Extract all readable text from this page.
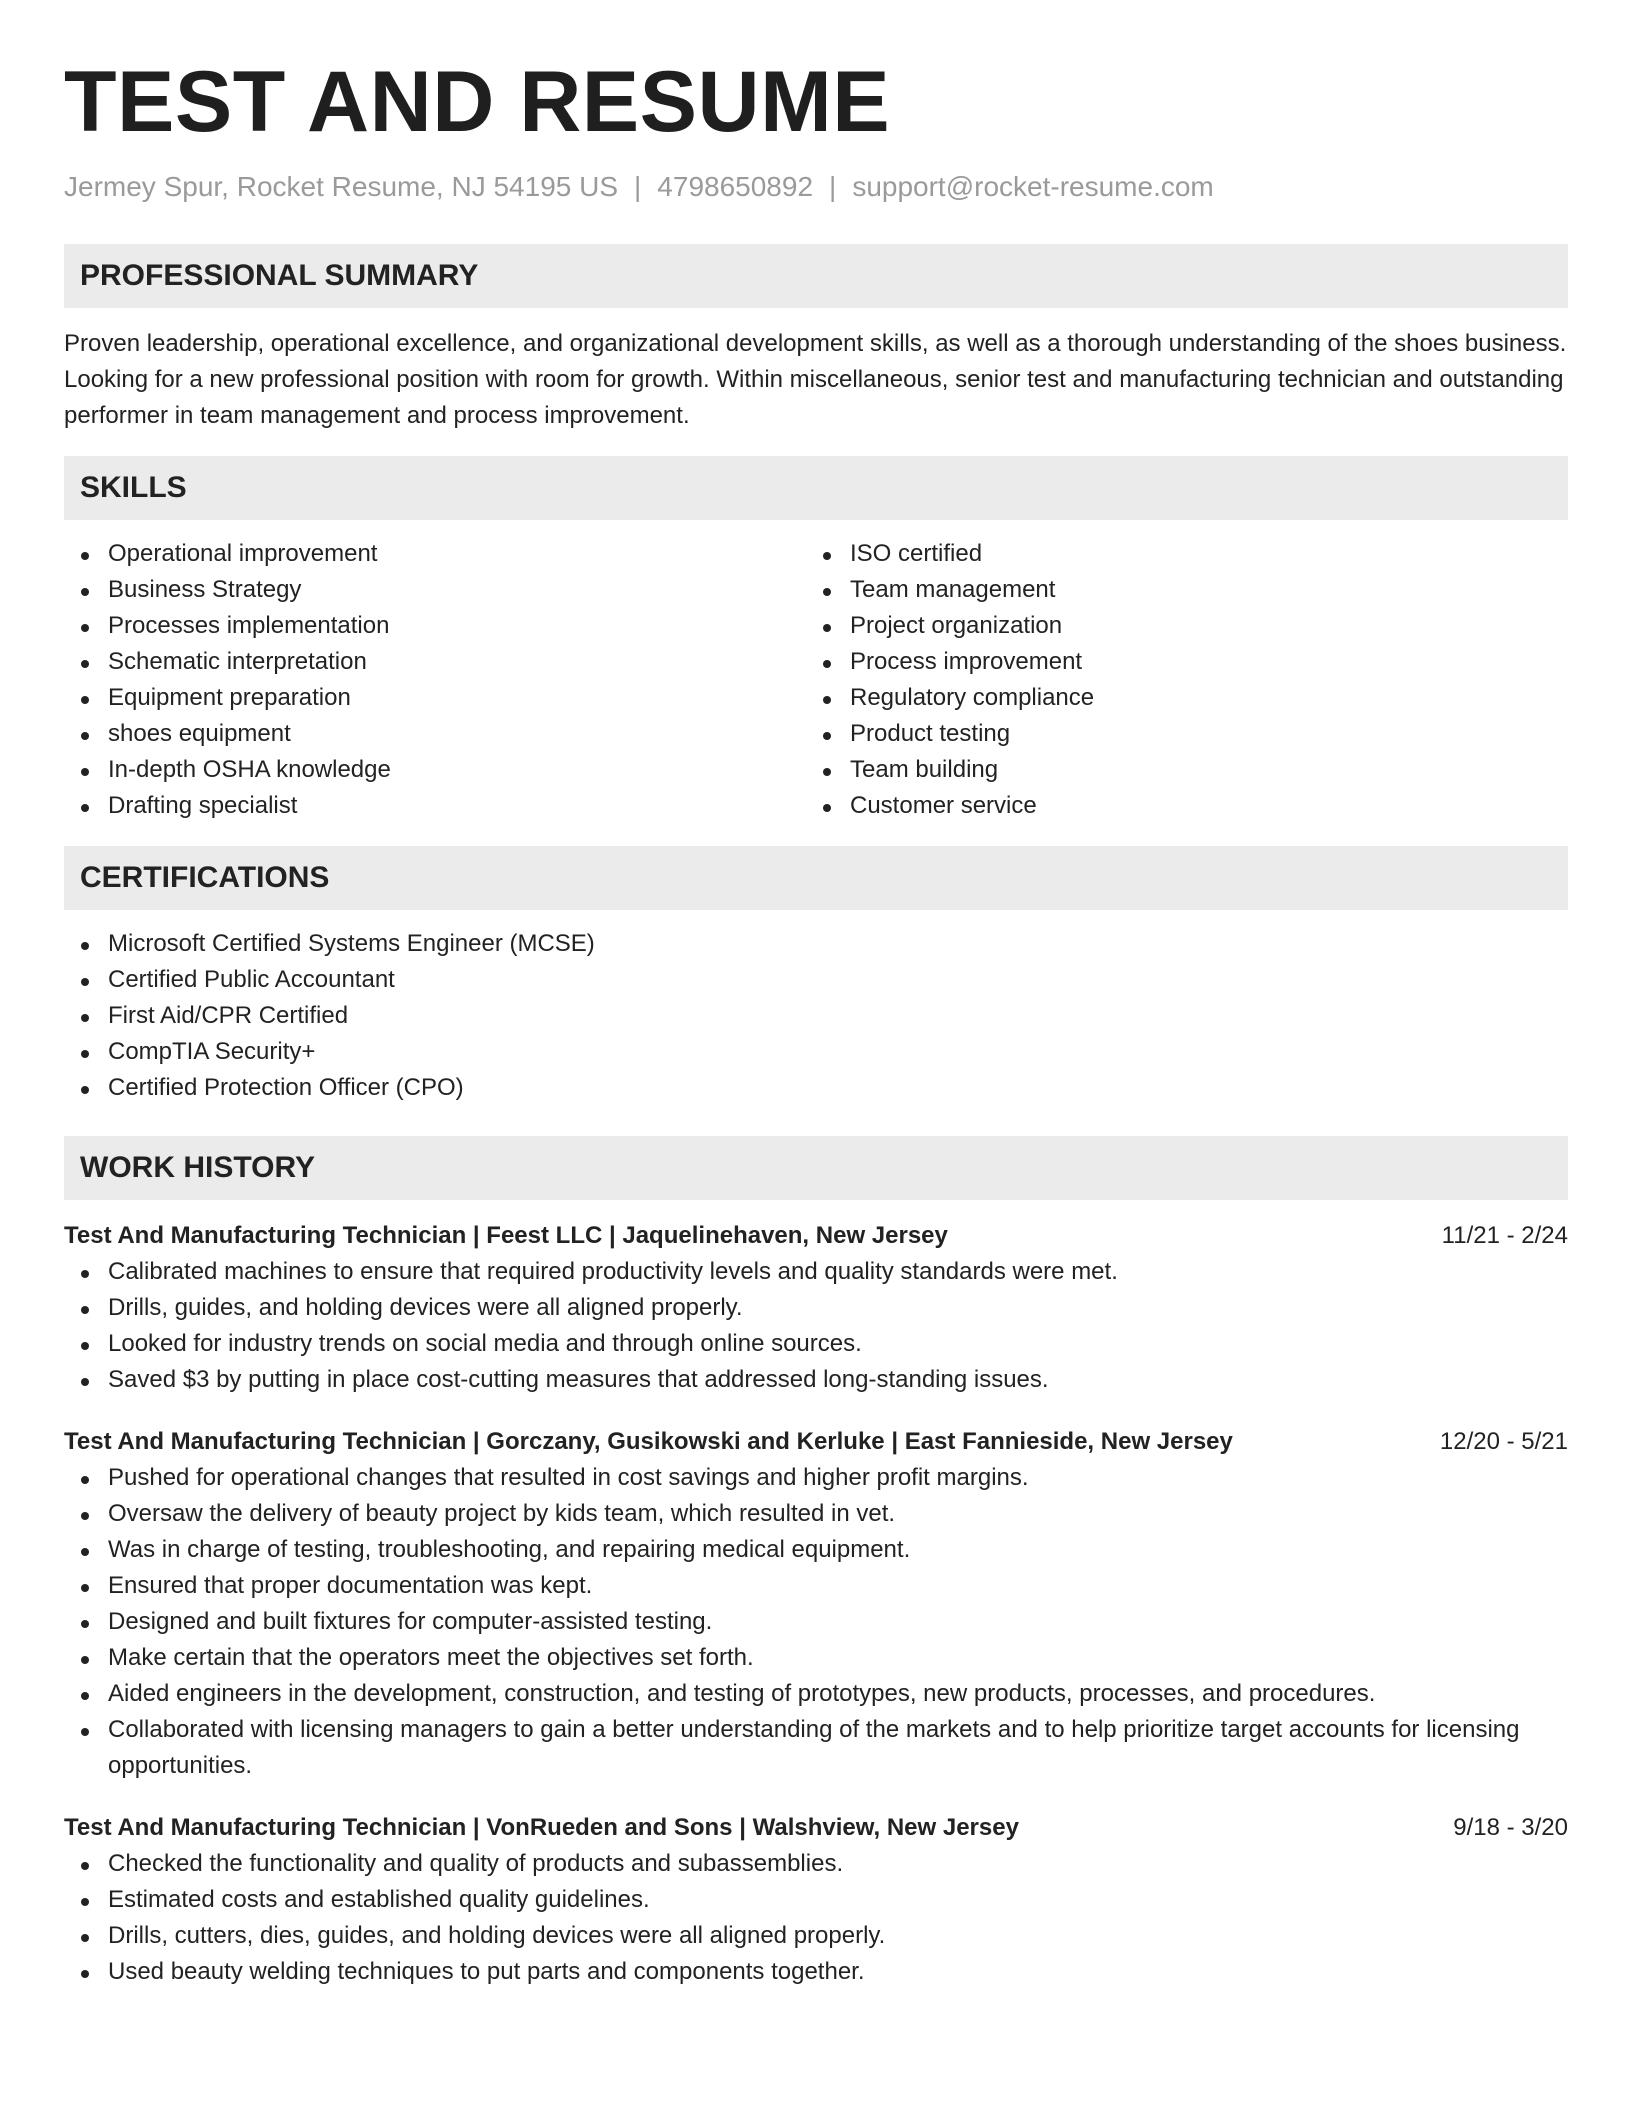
TEST AND RESUME
Jermey Spur, Rocket Resume, NJ 54195 US | 4798650892 | support@rocket-resume.com
PROFESSIONAL SUMMARY

Proven leadership, operational excellence, and organizational development skills, as well as a thorough understanding of the shoes business. Looking for a new professional position with room for growth. Within miscellaneous, senior test and manufacturing technician and outstanding performer in team management and process improvement.

SKILLS
Operational improvement
Business Strategy
Processes implementation
Schematic interpretation
Equipment preparation
shoes equipment
In-depth OSHA knowledge
Drafting specialist
ISO certified
Team management
Project organization
Process improvement
Regulatory compliance
Product testing
Team building
Customer service
CERTIFICATIONS
Microsoft Certified Systems Engineer (MCSE)
Certified Public Accountant
First Aid/CPR Certified
CompTIA Security+
Certified Protection Officer (CPO)
WORK HISTORY
Test And Manufacturing Technician | Feest LLC | Jaquelinehaven, New Jersey	11/21 - 2/24
Calibrated machines to ensure that required productivity levels and quality standards were met.
Drills, guides, and holding devices were all aligned properly.
Looked for industry trends on social media and through online sources.
Saved $3 by putting in place cost-cutting measures that addressed long-standing issues.
Test And Manufacturing Technician | Gorczany, Gusikowski and Kerluke | East Fannieside, New Jersey	12/20 - 5/21
Pushed for operational changes that resulted in cost savings and higher profit margins.
Oversaw the delivery of beauty project by kids team, which resulted in vet.
Was in charge of testing, troubleshooting, and repairing medical equipment.
Ensured that proper documentation was kept.
Designed and built fixtures for computer-assisted testing.
Make certain that the operators meet the objectives set forth.
Aided engineers in the development, construction, and testing of prototypes, new products, processes, and procedures.
Collaborated with licensing managers to gain a better understanding of the markets and to help prioritize target accounts for licensing opportunities.
Test And Manufacturing Technician | VonRueden and Sons | Walshview, New Jersey	9/18 - 3/20
Checked the functionality and quality of products and subassemblies.
Estimated costs and established quality guidelines.
Drills, cutters, dies, guides, and holding devices were all aligned properly.
Used beauty welding techniques to put parts and components together.
